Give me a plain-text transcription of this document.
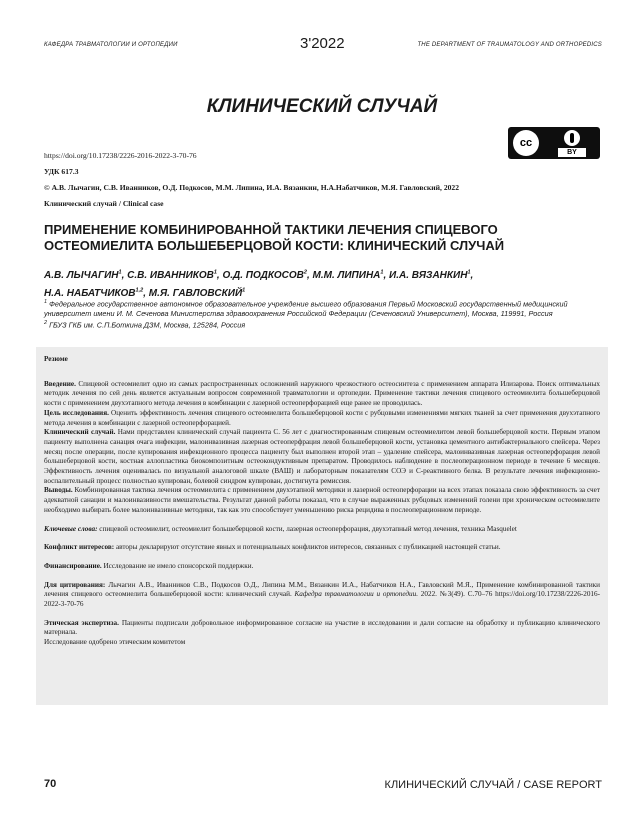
КАФЕДРА ТРАВМАТОЛОГИИ И ОРТОПЕДИИ	3'2022	THE DEPARTMENT OF TRAUMATOLOGY AND ORTHOPEDICS
КЛИНИЧЕСКИЙ СЛУЧАЙ
cc
BY
https://doi.org/10.17238/2226-2016-2022-3-70-76
УДК 617.3
© А.В. Лычагин, С.В. Иванников, О.Д. Подкосов, М.М. Липина, И.А. Вязанкин, Н.А.Набатчиков, М.Я. Гавловский, 2022
Клинический случай / Clinical case
ПРИМЕНЕНИЕ КОМБИНИРОВАННОЙ ТАКТИКИ ЛЕЧЕНИЯ СПИЦЕВОГО ОСТЕОМИЕЛИТА БОЛЬШЕБЕРЦОВОЙ КОСТИ: КЛИНИЧЕСКИЙ СЛУЧАЙ
А.В. ЛЫЧАГИН$^1$, С.В. ИВАННИКОВ$^1$, О.Д. ПОДКОСОВ$^2$, М.М. ЛИПИНА$^1$, И.А. ВЯЗАНКИН$^1$,
Н.А. НАБАТЧИКОВ$^{1,2}$, М.Я. ГАВЛОВСКИЙ$^1$
$^1$ Федеральное государственное автономное образовательное учреждение высшего образования Первый Московский государственный медицинский университет имени И. М. Сеченова Министерства здравоохранения Российской Федерации (Сеченовский Университет), Москва, 119991, Россия
$^2$ ГБУЗ ГКБ им. С.П.Боткина ДЗМ, Москва, 125284, Россия
Резюме
Введение. Спицевой остеомиелит одно из самых распространенных осложнений наружного чрезкостного остеосинтеза с применением аппарата Илизарова. Поиск оптимальных методик лечения по сей день является актуальным вопросом современной травматологии и ортопедии. Применение тактики лечения спицевого остеомиелита большеберцовой кости с применением двухэтапного метода лечения в комбинации с лазерной остеоперфорацией еще ранее не проводилась.
Цель исследования. Оценить эффективность лечения спицевого остеомиелита большеберцовой кости с рубцовыми изменениями мягких тканей за счет применения двухэтапного метода лечения в комбинации с лазерной остеоперфорацией.
Клинический случай. Нами представлен клинический случай пациента С. 56 лет с диагностированным спицевым остеомиелитом левой большеберцовой кости. Первым этапом пациенту выполнена санация очага инфекции, малоинвазивная лазерная остеоперфрация левой большеберцовой кости, установка цементного антибактериального спейсера. Через месяц после операции, после купирования инфекционного процесса пациенту был выполнен второй этап – удаление спейсера, малоинвазивная лазерная остеоперфорация левой большеберцовой кости, костная аллопластика биокомпозитным остеокондуктивным препаратом. Проводилось наблюдение в послеоперационном периоде в течение 6 месяцев. Эффективность лечения оценивалась по визуальной аналоговой шкале (ВАШ) и лабораторным показателям СОЭ и С-реактивного белка. В результате лечения инфекционно-воспалительный процесс полностью купирован, болевой синдром купирован, достигнута ремиссия.
Выводы. Комбинированная тактика лечения остеомиелита с применением двухэтапной методики и лазерной остеоперфорации на всех этапах показала свою эффективность за счет адекватной санации и малоинвазивности вмешательства. Результат данной работы показал, что в случае выраженных рубцовых изменений голени при хроническом остеомиелите необходимо выбирать более малоинвазивные методики, так как это способствует уменьшению риска рецидива в послеоперационном периоде.
Ключевые слова: спицевой остеомиелит, остеомиелит большеберцовой кости, лазерная остеоперфорация, двухэтапный метод лечения, техника Masquelet
Конфликт интересов: авторы декларируют отсутствие явных и потенциальных конфликтов интересов, связанных с публикацией настоящей статьи.
Финансирование. Исследование не имело спонсорской поддержки.
Для цитирования: Лычагин А.В., Иванников С.В., Подкосов О.Д., Липина М.М., Вязанкин И.А., Набатчиков Н.А., Гавловский М.Я., Применение комбинированной тактики лечения спицевого остеомиелита большеберцовой кости: клинический случай. Кафедра травматологии и ортопедии. 2022. №3(49). С.70–76 https://doi.org/10.17238/2226-2016-2022-3-70-76
Этическая экспертиза. Пациенты подписали добровольное информированное согласие на участие в исследовании и дали согласие на обработку и публикацию клинического материала.
Исследование одобрено этическим комитетом
70	КЛИНИЧЕСКИЙ СЛУЧАЙ / CASE REPORT
